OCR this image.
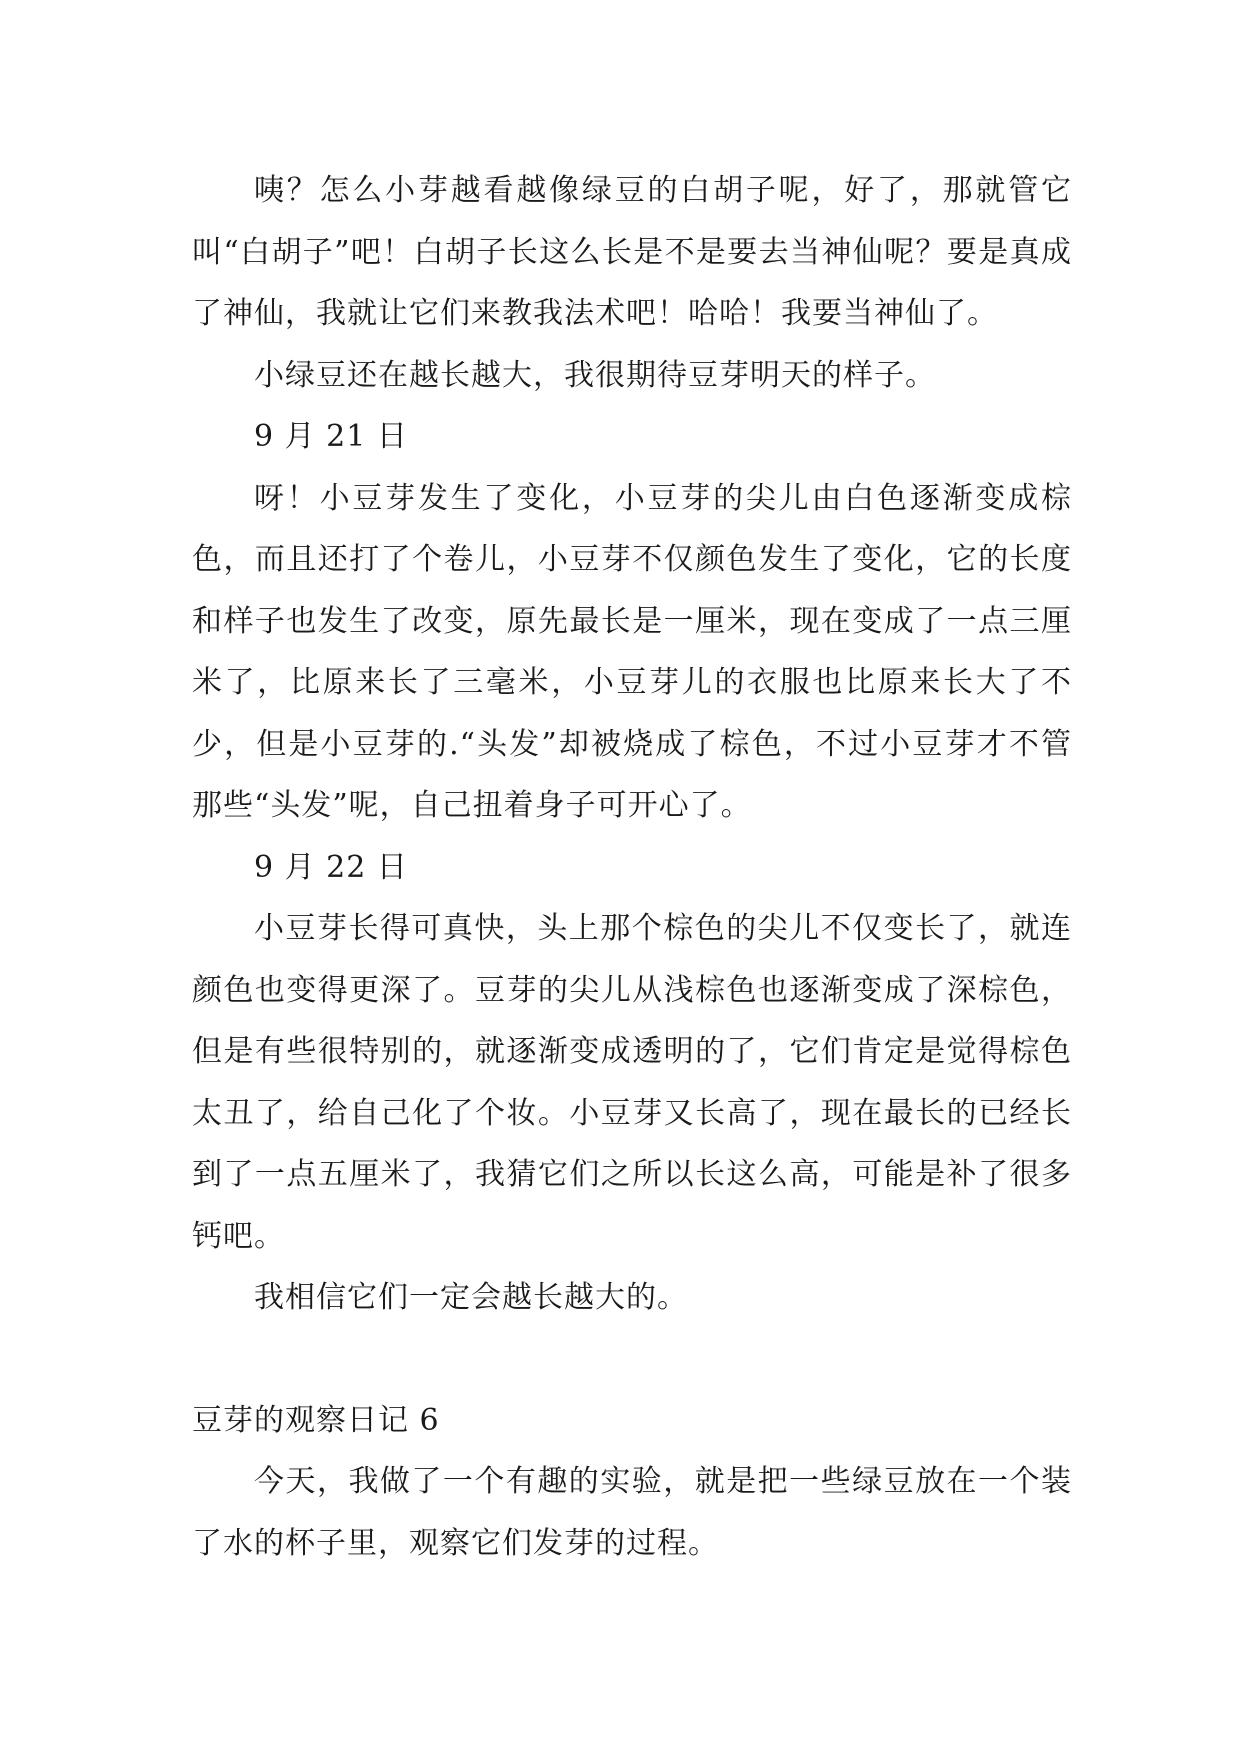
咦？怎么小芽越看越像绿豆的白胡子呢，好了，那就管它叫“白胡子”吧！白胡子长这么长是不是要去当神仙呢？要是真成了神仙，我就让它们来教我法术吧！哈哈！我要当神仙了。

小绿豆还在越长越大，我很期待豆芽明天的样子。

9 月 21 日

呀！小豆芽发生了变化，小豆芽的尖儿由白色逐渐变成棕色，而且还打了个卷儿，小豆芽不仅颜色发生了变化，它的长度和样子也发生了改变，原先最长是一厘米，现在变成了一点三厘米了，比原来长了三毫米，小豆芽儿的衣服也比原来长大了不少，但是小豆芽的.“头发”却被烧成了棕色，不过小豆芽才不管那些“头发”呢，自己扭着身子可开心了。

9 月 22 日

小豆芽长得可真快，头上那个棕色的尖儿不仅变长了，就连颜色也变得更深了。豆芽的尖儿从浅棕色也逐渐变成了深棕色，但是有些很特别的，就逐渐变成透明的了，它们肯定是觉得棕色太丑了，给自己化了个妆。小豆芽又长高了，现在最长的已经长到了一点五厘米了，我猜它们之所以长这么高，可能是补了很多钙吧。

我相信它们一定会越长越大的。

豆芽的观察日记 6

今天，我做了一个有趣的实验，就是把一些绿豆放在一个装了水的杯子里，观察它们发芽的过程。
